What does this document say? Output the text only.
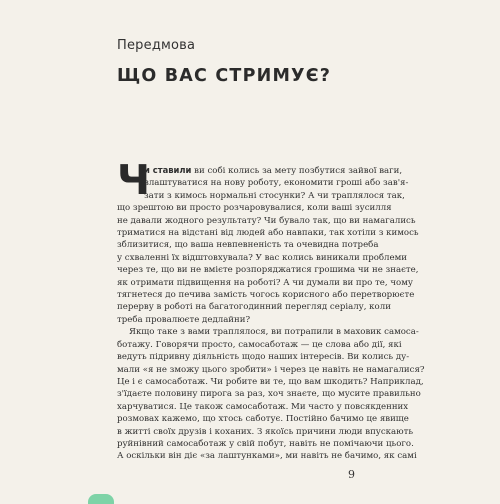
Передмова
ЩО ВАС СТРИМУЄ?
Ч
и ставили ви собі колись за мету позбутися зайвої ваги,
влаштуватися на нову роботу, економити гроші або зав'я-
зати з кимось нормальні стосунки? А чи траплялося так,
що зрештою ви просто розчаровувалися, коли ваші зусилля
не давали жодного результату? Чи бувало так, що ви намагались
триматися на відстані від людей або навпаки, так хотіли з кимось
зблизитися, що ваша невпевненість та очевидна потреба
у схваленні їх відштовхувала? У вас колись виникали проблеми
через те, що ви не вмієте розпоряджатися грошима чи не знаєте,
як отримати підвищення на роботі? А чи думали ви про те, чому
тягнетеся до печива замість чогось корисного або перетворюєте
перерву в роботі на багатогодинний перегляд серіалу, коли
треба провалюєте дедлайни?
Якщо таке з вами траплялося, ви потрапили в маховик самоса-
ботажу. Говорячи просто, самосаботаж — це слова або дії, які
ведуть підривну діяльність щодо наших інтересів. Ви колись ду-
мали «я не зможу цього зробити» і через це навіть не намагалися?
Це і є самосаботаж. Чи робите ви те, що вам шкодить? Наприклад,
з'їдаєте половину пирога за раз, хоч знаєте, що мусите правильно
харчуватися. Це також самосаботаж. Ми часто у повсякденних
розмовах кажемо, що хтось саботує. Постійно бачимо це явище
в житті своїх друзів і коханих. З якоїсь причини люди впускають
руйнівний самосаботаж у свій побут, навіть не помічаючи цього.
А оскільки він діє «за лаштунками», ми навіть не бачимо, як самі
9
